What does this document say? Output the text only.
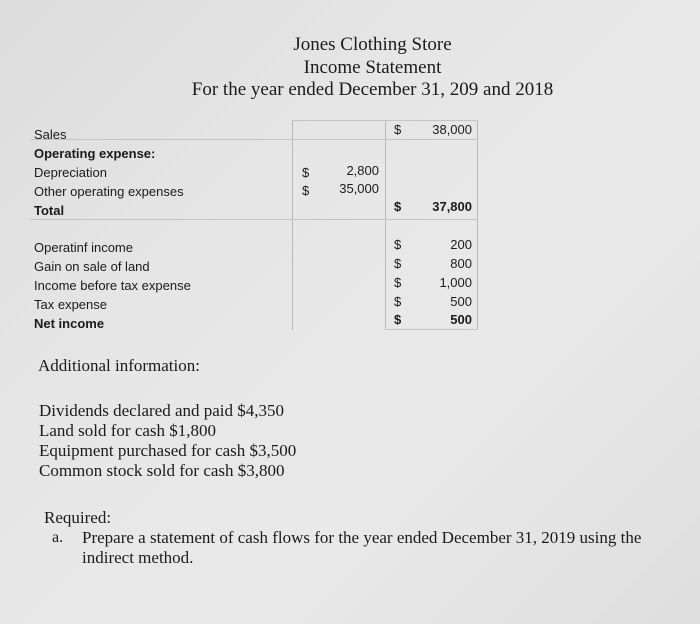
Jones Clothing Store
Income Statement
For the year ended December 31, 209 and 2018
Sales	$ 38,000
Operating expense:
Depreciation	$	2,800
Other operating expenses	$ 35,000
Total	$ 37,800
Operatinf income	$	200
Gain on sale of land	$	800
Income before tax expense	$	1,000
Tax expense	$	500
Net income	$	500
Additional information:
Dividends declared and paid $4,350
Land sold for cash $1,800
Equipment purchased for cash $3,500
Common stock sold for cash $3,800
Required:
a. Prepare a statement of cash flows for the year ended December 31, 2019 using the
indirect method.
